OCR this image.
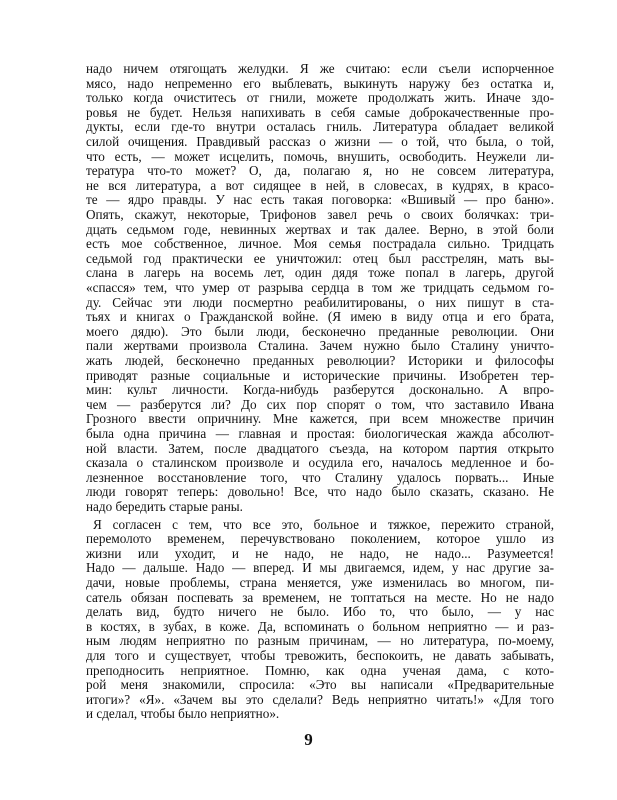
надо ничем отягощать желудки. Я же считаю: если съели испорченное
мясо, надо непременно его выблевать, выкинуть наружу без остатка и,
только когда очиститесь от гнили, можете продолжать жить. Иначе здо-
ровья не будет. Нельзя напихивать в себя самые доброкачественные про-
дукты, если где-то внутри осталась гниль. Литература обладает великой
силой очищения. Правдивый рассказ о жизни — о той, что была, о той,
что есть, — может исцелить, помочь, внушить, освободить. Неужели ли-
тература что-то может? О, да, полагаю я, но не совсем литература,
не вся литература, а вот сидящее в ней, в словесах, в кудрях, в красо-
те — ядро правды. У нас есть такая поговорка: «Вшивый — про баню».
Опять, скажут, некоторые, Трифонов завел речь о своих болячках: три-
дцать седьмом годе, невинных жертвах и так далее. Верно, в этой боли
есть мое собственное, личное. Моя семья пострадала сильно. Тридцать
седьмой год практически ее уничтожил: отец был расстрелян, мать вы-
слана в лагерь на восемь лет, один дядя тоже попал в лагерь, другой
«спасся» тем, что умер от разрыва сердца в том же тридцать седьмом го-
ду. Сейчас эти люди посмертно реабилитированы, о них пишут в ста-
тьях и книгах о Гражданской войне. (Я имею в виду отца и его брата,
моего дядю). Это были люди, бесконечно преданные революции. Они
пали жертвами произвола Сталина. Зачем нужно было Сталину уничто-
жать людей, бесконечно преданных революции? Историки и философы
приводят разные социальные и исторические причины. Изобретен тер-
мин: культ личности. Когда-нибудь разберутся досконально. А впро-
чем — разберутся ли? До сих пор спорят о том, что заставило Ивана
Грозного ввести опричнину. Мне кажется, при всем множестве причин
была одна причина — главная и простая: биологическая жажда абсолют-
ной власти. Затем, после двадцатого съезда, на котором партия открыто
сказала о сталинском произволе и осудила его, началось медленное и бо-
лезненное восстановление того, что Сталину удалось порвать... Иные
люди говорят теперь: довольно! Все, что надо было сказать, сказано. Не
надо бередить старые раны.
Я согласен с тем, что все это, больное и тяжкое, пережито страной,
перемолото временем, перечувствовано поколением, которое ушло из
жизни или уходит, и не надо, не надо, не надо... Разумеется!
Надо — дальше. Надо — вперед. И мы двигаемся, идем, у нас другие за-
дачи, новые проблемы, страна меняется, уже изменилась во многом, пи-
сатель обязан поспевать за временем, не топтаться на месте. Но не надо
делать вид, будто ничего не было. Ибо то, что было, — у нас
в костях, в зубах, в коже. Да, вспоминать о больном неприятно — и раз-
ным людям неприятно по разным причинам, — но литература, по-моему,
для того и существует, чтобы тревожить, беспокоить, не давать забывать,
преподносить неприятное. Помню, как одна ученая дама, с кото-
рой меня знакомили, спросила: «Это вы написали «Предварительные
итоги»? «Я». «Зачем вы это сделали? Ведь неприятно читать!» «Для того
и сделал, чтобы было неприятно».
9
